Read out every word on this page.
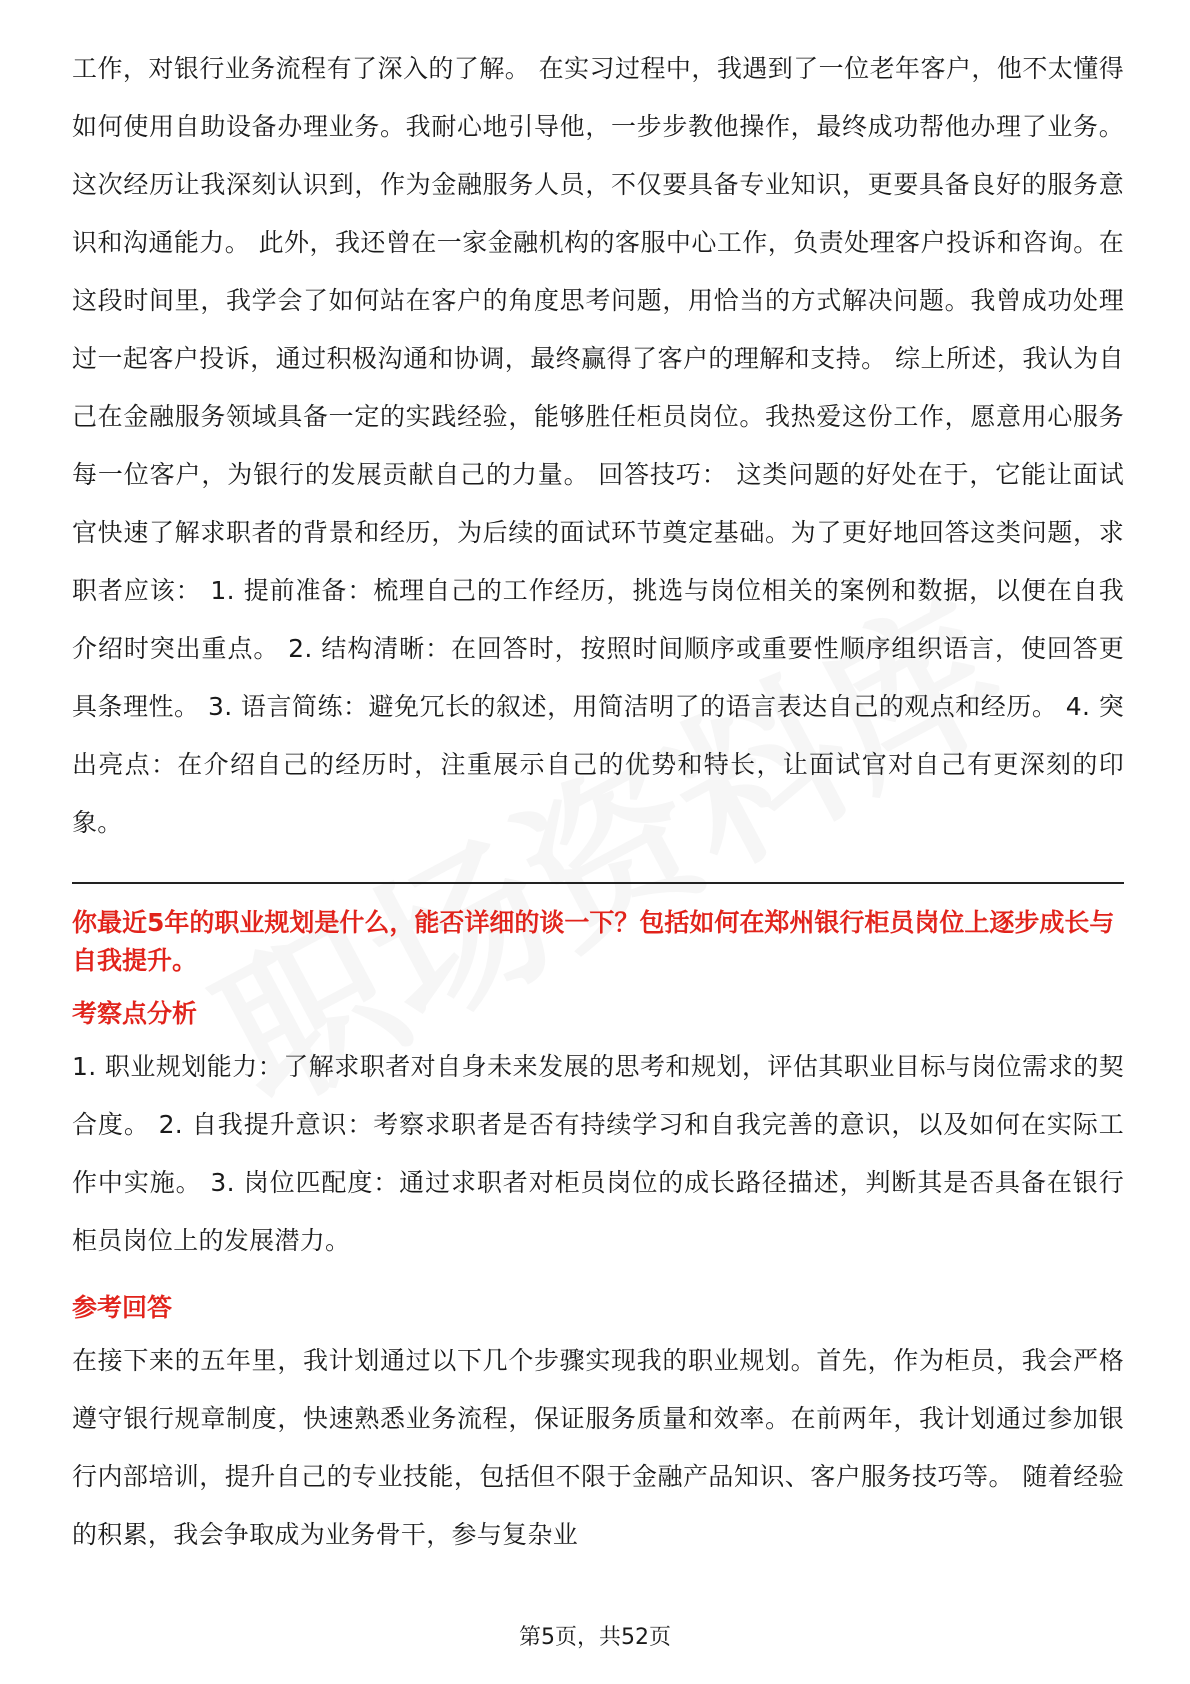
工作，对银行业务流程有了深入的了解。 在实习过程中，我遇到了一位老年客户，他不太懂得如何使用自助设备办理业务。我耐心地引导他，一步步教他操作，最终成功帮他办理了业务。这次经历让我深刻认识到，作为金融服务人员，不仅要具备专业知识，更要具备良好的服务意识和沟通能力。 此外，我还曾在一家金融机构的客服中心工作，负责处理客户投诉和咨询。在这段时间里，我学会了如何站在客户的角度思考问题，用恰当的方式解决问题。我曾成功处理过一起客户投诉，通过积极沟通和协调，最终赢得了客户的理解和支持。 综上所述，我认为自己在金融服务领域具备一定的实践经验，能够胜任柜员岗位。我热爱这份工作，愿意用心服务每一位客户，为银行的发展贡献自己的力量。 回答技巧： 这类问题的好处在于，它能让面试官快速了解求职者的背景和经历，为后续的面试环节奠定基础。为了更好地回答这类问题，求职者应该： 1. 提前准备：梳理自己的工作经历，挑选与岗位相关的案例和数据，以便在自我介绍时突出重点。 2. 结构清晰：在回答时，按照时间顺序或重要性顺序组织语言，使回答更具条理性。 3. 语言简练：避免冗长的叙述，用简洁明了的语言表达自己的观点和经历。 4. 突出亮点：在介绍自己的经历时，注重展示自己的优势和特长，让面试官对自己有更深刻的印象。

你最近5年的职业规划是什么，能否详细的谈一下？包括如何在郑州银行柜员岗位上逐步成长与自我提升。

考察点分析

1. 职业规划能力：了解求职者对自身未来发展的思考和规划，评估其职业目标与岗位需求的契合度。 2. 自我提升意识：考察求职者是否有持续学习和自我完善的意识，以及如何在实际工作中实施。 3. 岗位匹配度：通过求职者对柜员岗位的成长路径描述，判断其是否具备在银行柜员岗位上的发展潜力。

参考回答

在接下来的五年里，我计划通过以下几个步骤实现我的职业规划。首先，作为柜员，我会严格遵守银行规章制度，快速熟悉业务流程，保证服务质量和效率。在前两年，我计划通过参加银行内部培训，提升自己的专业技能，包括但不限于金融产品知识、客户服务技巧等。 随着经验的积累，我会争取成为业务骨干，参与复杂业

第5页，共52页
